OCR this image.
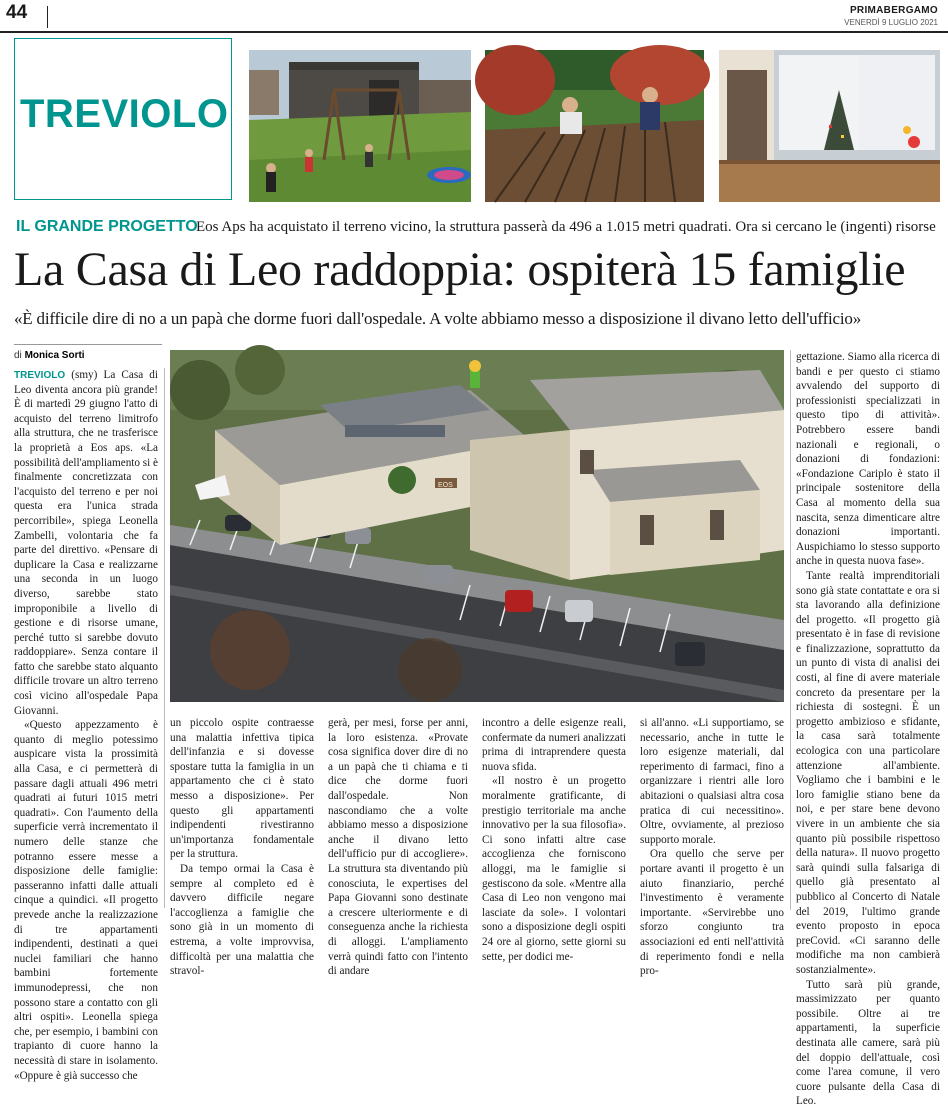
44	PRIMABERGAMO
VENERDÌ 9 LUGLIO 2021
TREVIOLO
IL GRANDE PROGETTO
Eos Aps ha acquistato il terreno vicino, la struttura passerà da 496 a 1.015 metri quadrati. Ora si cercano le (ingenti) risorse
La Casa di Leo raddoppia: ospiterà 15 famiglie
«È difficile dire di no a un papà che dorme fuori dall'ospedale. A volte abbiamo messo a disposizione il divano letto dell'ufficio»
di Monica Sorti
EOS

TREVIOLO (smy) La Casa di Leo diventa ancora più grande! È di martedì 29 giugno l'atto di acquisto del terreno limitrofo alla struttura, che ne trasferisce la proprietà a Eos aps. «La possibilità dell'ampliamento si è finalmente concretizzata con l'acquisto del terreno e per noi questa era l'unica strada percorribile», spiega Leonella Zambelli, volontaria che fa parte del direttivo. «Pensare di duplicare la Casa e realizzarne una seconda in un luogo diverso, sarebbe stato improponibile a livello di gestione e di risorse umane, perché tutto si sarebbe dovuto raddoppiare». Senza contare il fatto che sarebbe stato alquanto difficile trovare un altro terreno così vicino all'ospedale Papa Giovanni.

«Questo appezzamento è quanto di meglio potessimo auspicare vista la prossimità alla Casa, e ci permetterà di passare dagli attuali 496 metri quadrati ai futuri 1015 metri quadrati». Con l'aumento della superficie verrà incrementato il numero delle stanze che potranno essere messe a disposizione delle famiglie: passeranno infatti dalle attuali cinque a quindici. «Il progetto prevede anche la realizzazione di tre appartamenti indipendenti, destinati a quei nuclei familiari che hanno bambini fortemente immunodepressi, che non possono stare a contatto con gli altri ospiti». Leonella spiega che, per esempio, i bambini con trapianto di cuore hanno la necessità di stare in isolamento. «Oppure è già successo che

un piccolo ospite contraesse una malattia infettiva tipica dell'infanzia e si dovesse spostare tutta la famiglia in un appartamento che ci è stato messo a disposizione». Per questo gli appartamenti indipendenti rivestiranno un'importanza fondamentale per la struttura.

Da tempo ormai la Casa è sempre al completo ed è davvero difficile negare l'accoglienza a famiglie che sono già in un momento di estrema, a volte improvvisa, difficoltà per una malattia che stravol-

gerà, per mesi, forse per anni, la loro esistenza. «Provate cosa significa dover dire di no a un papà che ti chiama e ti dice che dorme fuori dall'ospedale. Non nascondiamo che a volte abbiamo messo a disposizione anche il divano letto dell'ufficio pur di accogliere». La struttura sta diventando più conosciuta, le expertises del Papa Giovanni sono destinate a crescere ulteriormente e di conseguenza anche la richiesta di alloggi. L'ampliamento verrà quindi fatto con l'intento di andare

incontro a delle esigenze reali, confermate da numeri analizzati prima di intraprendere questa nuova sfida.

«Il nostro è un progetto moralmente gratificante, di prestigio territoriale ma anche innovativo per la sua filosofia». Ci sono infatti altre case accoglienza che forniscono alloggi, ma le famiglie si gestiscono da sole. «Mentre alla Casa di Leo non vengono mai lasciate da sole». I volontari sono a disposizione degli ospiti 24 ore al giorno, sette giorni su sette, per dodici me-

si all'anno. «Li supportiamo, se necessario, anche in tutte le loro esigenze materiali, dal reperimento di farmaci, fino a organizzare i rientri alle loro abitazioni o qualsiasi altra cosa pratica di cui necessitino». Oltre, ovviamente, al prezioso supporto morale.

Ora quello che serve per portare avanti il progetto è un aiuto finanziario, perché l'investimento è veramente importante. «Servirebbe uno sforzo congiunto tra associazioni ed enti nell'attività di reperimento fondi e nella pro-

gettazione. Siamo alla ricerca di bandi e per questo ci stiamo avvalendo del supporto di professionisti specializzati in questo tipo di attività». Potrebbero essere bandi nazionali e regionali, o donazioni di fondazioni: «Fondazione Cariplo è stato il principale sostenitore della Casa al momento della sua nascita, senza dimenticare altre donazioni importanti. Auspichiamo lo stesso supporto anche in questa nuova fase».

Tante realtà imprenditoriali sono già state contattate e ora si sta lavorando alla definizione del progetto. «Il progetto già presentato è in fase di revisione e finalizzazione, soprattutto da un punto di vista di analisi dei costi, al fine di avere materiale concreto da presentare per la richiesta di sostegni. È un progetto ambizioso e sfidante, la casa sarà totalmente ecologica con una particolare attenzione all'ambiente. Vogliamo che i bambini e le loro famiglie stiano bene da noi, e per stare bene devono vivere in un ambiente che sia quanto più possibile rispettoso della natura». Il nuovo progetto sarà quindi sulla falsariga di quello già presentato al pubblico al Concerto di Natale del 2019, l'ultimo grande evento proposto in epoca preCovid. «Ci saranno delle modifiche ma non cambierà sostanzialmente».

Tutto sarà più grande, massimizzato per quanto possibile. Oltre ai tre appartamenti, la superficie destinata alle camere, sarà più del doppio dell'attuale, così come l'area comune, il vero cuore pulsante della Casa di Leo.
